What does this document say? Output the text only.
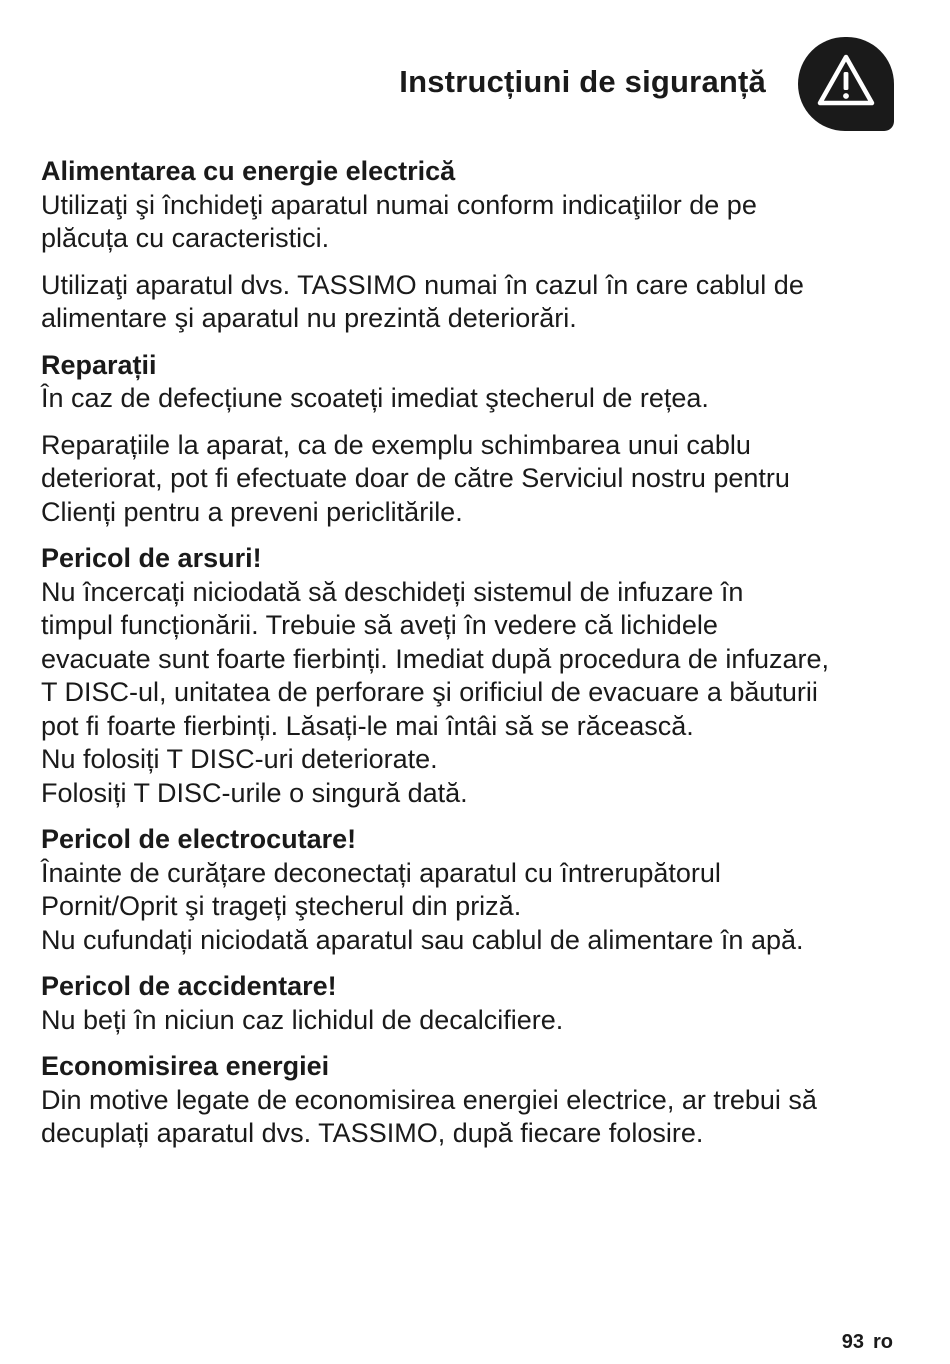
Instrucțiuni de siguranță
Alimentarea cu energie electrică
Utilizaţi şi închideţi aparatul numai conform indicaţiilor de pe
plăcuța cu caracteristici.
Utilizaţi aparatul dvs. TASSIMO numai în cazul în care cablul de
alimentare şi aparatul nu prezintă deteriorări.
Reparații
În caz de defecțiune scoateți imediat ştecherul de rețea.
Reparațiile la aparat, ca de exemplu schimbarea unui cablu
deteriorat, pot fi efectuate doar de către Serviciul nostru pentru
Clienți pentru a preveni periclitările.
Pericol de arsuri!
Nu încercați niciodată să deschideți sistemul de infuzare în
timpul funcționării. Trebuie să aveți în vedere că lichidele
evacuate sunt foarte fierbinți. Imediat după procedura de infuzare,
T DISC-ul, unitatea de perforare şi orificiul de evacuare a băuturii
pot fi foarte fierbinți. Lăsați-le mai întâi să se răcească.
Nu folosiți T DISC-uri deteriorate.
Folosiți T DISC-urile o singură dată.
Pericol de electrocutare!
Înainte de curățare deconectați aparatul cu întrerupătorul
Pornit/Oprit şi trageți ştecherul din priză.
Nu cufundați niciodată aparatul sau cablul de alimentare în apă.
Pericol de accidentare!
Nu beți în niciun caz lichidul de decalcifiere.
Economisirea energiei
Din motive legate de economisirea energiei electrice, ar trebui să
decuplați aparatul dvs. TASSIMO, după fiecare folosire.
93 ro
